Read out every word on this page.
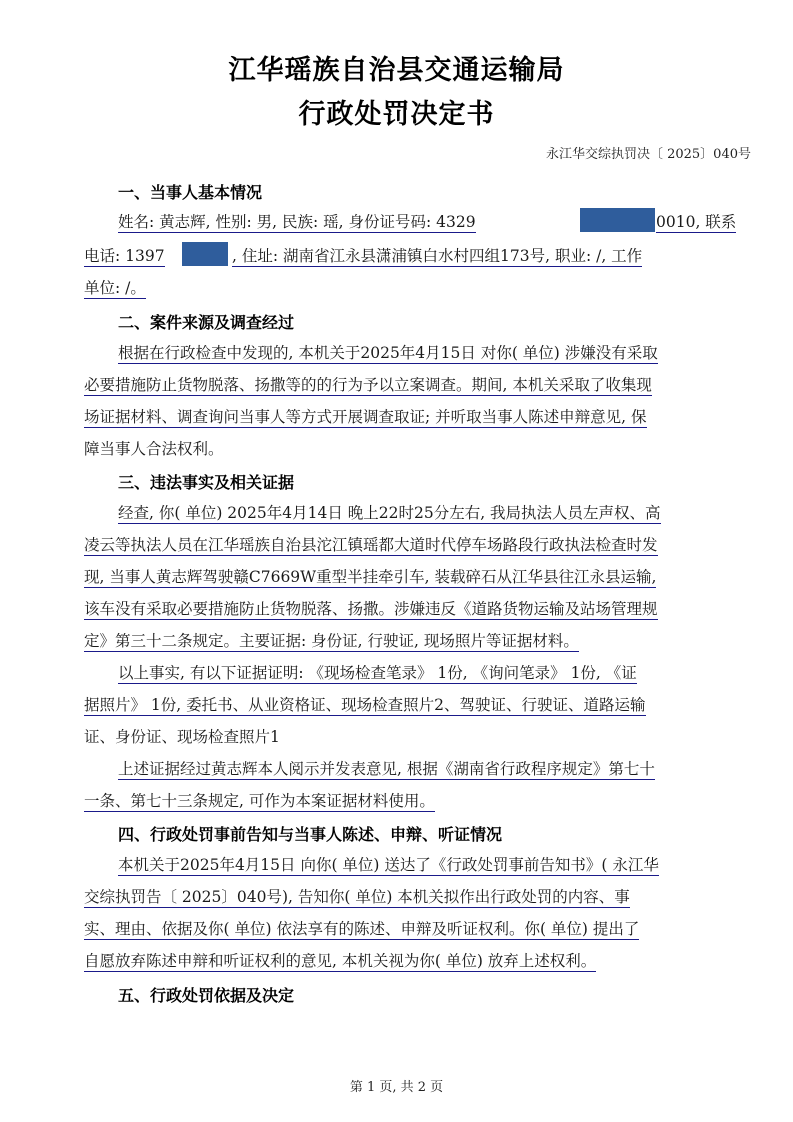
江华瑶族自治县交通运输局
行政处罚决定书
永江华交综执罚决〔 2025〕040号
一、当事人基本情况
姓名: 黄志辉, 性别: 男, 民族: 瑶, 身份证号码: 4329	0010, 联系
电话: 1397	, 住址: 湖南省江永县潇浦镇白水村四组173号, 职业: /, 工作
单位: /。
二、案件来源及调查经过
根据在行政检查中发现的, 本机关于2025年4月15日 对你( 单位) 涉嫌没有采取
必要措施防止货物脱落、扬撒等的的行为予以立案调查。期间, 本机关采取了收集现
场证据材料、调查询问当事人等方式开展调查取证; 并听取当事人陈述申辩意见, 保
障当事人合法权利。
三、违法事实及相关证据
经查, 你( 单位) 2025年4月14日 晚上22时25分左右, 我局执法人员左声权、高
凌云等执法人员在江华瑶族自治县沱江镇瑶都大道时代停车场路段行政执法检查时发
现, 当事人黄志辉驾驶赣C7669W重型半挂牵引车, 装载碎石从江华县往江永县运输,
该车没有采取必要措施防止货物脱落、扬撒。涉嫌违反《道路货物运输及站场管理规
定》第三十二条规定。主要证据: 身份证, 行驶证, 现场照片等证据材料。
以上事实, 有以下证据证明: 《现场检查笔录》 1份, 《询问笔录》 1份, 《证
据照片》 1份, 委托书、从业资格证、现场检查照片2、驾驶证、行驶证、道路运输
证、身份证、现场检查照片1
上述证据经过黄志辉本人阅示并发表意见, 根据《湖南省行政程序规定》第七十
一条、第七十三条规定, 可作为本案证据材料使用。
四、行政处罚事前告知与当事人陈述、申辩、听证情况
本机关于2025年4月15日 向你( 单位) 送达了《行政处罚事前告知书》( 永江华
交综执罚告〔 2025〕040号), 告知你( 单位) 本机关拟作出行政处罚的内容、事
实、理由、依据及你( 单位) 依法享有的陈述、申辩及听证权利。你( 单位) 提出了
自愿放弃陈述申辩和听证权利的意见, 本机关视为你( 单位) 放弃上述权利。
五、行政处罚依据及决定
第 1 页, 共 2 页
